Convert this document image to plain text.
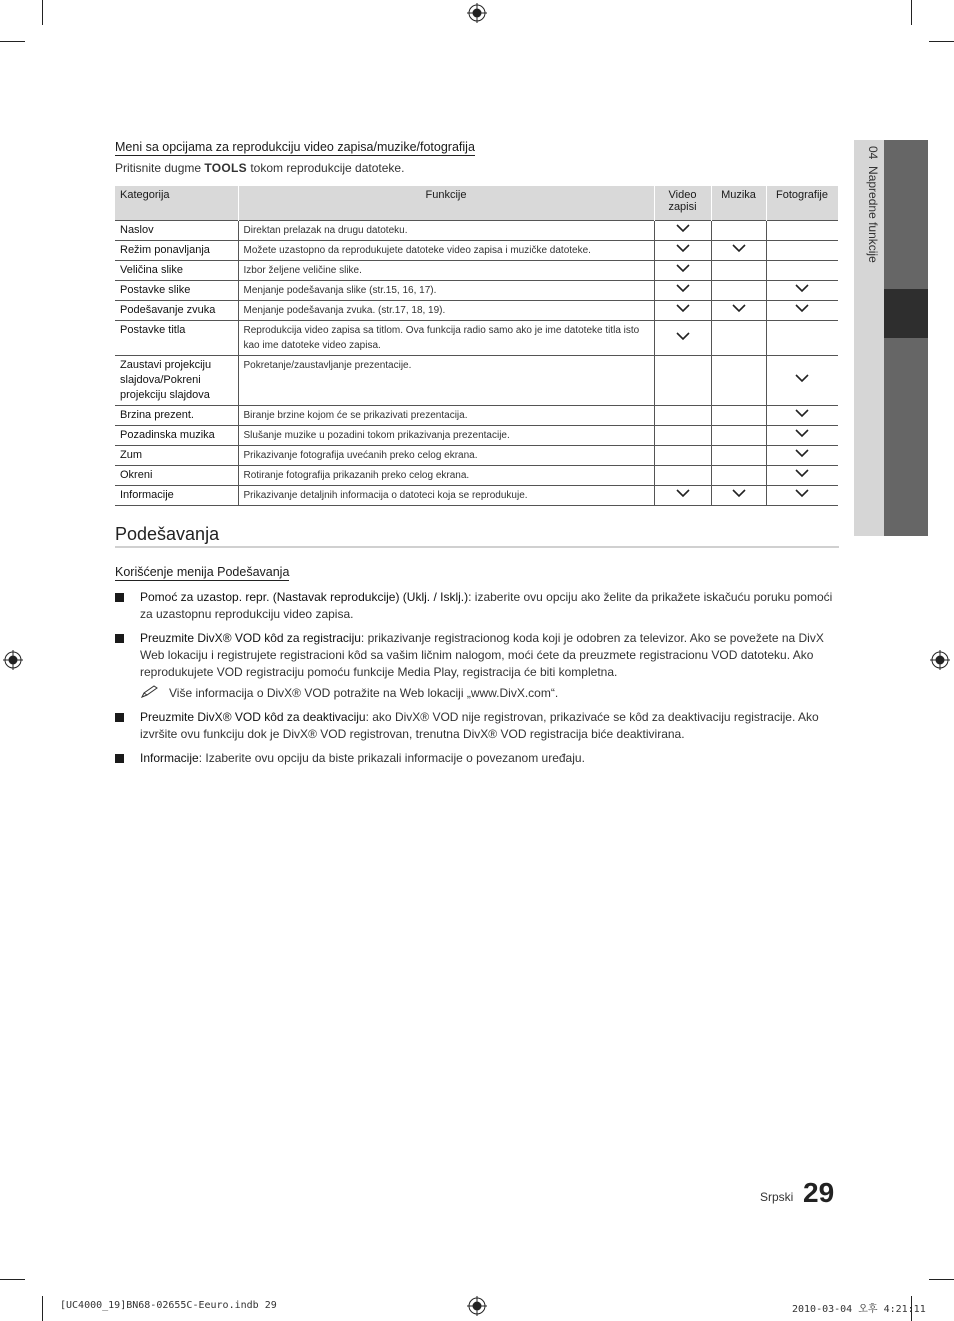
04  Napredne funkcije
Meni sa opcijama za reprodukciju video zapisa/muzike/fotografija
Pritisnite dugme TOOLS tokom reprodukcije datoteke.
Kategorija	Funkcije	Video zapisi	Muzika	Fotografije
Naslov	Direktan prelazak na drugu datoteku.			
Režim ponavljanja	Možete uzastopno da reprodukujete datoteke video zapisa i muzičke datoteke.			
Veličina slike	Izbor željene veličine slike.			
Postavke slike	Menjanje podešavanja slike (str.15, 16, 17).			
Podešavanje zvuka	Menjanje podešavanja zvuka. (str.17, 18, 19).			
Postavke titla	Reprodukcija video zapisa sa titlom. Ova funkcija radio samo ako je ime datoteke titla isto kao ime datoteke video zapisa.			
Zaustavi projekciju slajdova/Pokreni projekciju slajdova	Pokretanje/zaustavljanje prezentacije.			
Brzina prezent.	Biranje brzine kojom će se prikazivati prezentacija.			
Pozadinska muzika	Slušanje muzike u pozadini tokom prikazivanja prezentacije.			
Zum	Prikazivanje fotografija uvećanih preko celog ekrana.			
Okreni	Rotiranje fotografija prikazanih preko celog ekrana.			
Informacije	Prikazivanje detaljnih informacija o datoteci koja se reprodukuje.			
Podešavanja
Korišćenje menija Podešavanja
Pomoć za uzastop. repr. (Nastavak reprodukcije) (Uklj. / Isklj.): izaberite ovu opciju ako želite da prikažete iskačuću poruku pomoći za uzastopnu reprodukciju video zapisa.
Preuzmite DivX® VOD kôd za registraciju: prikazivanje registracionog koda koji je odobren za televizor. Ako se povežete na DivX Web lokaciju i registrujete registracioni kôd sa vašim ličnim nalogom, moći ćete da preuzmete registracionu VOD datoteku. Ako reprodukujete VOD registraciju pomoću funkcije Media Play, registracija će biti kompletna.
Više informacija o DivX® VOD potražite na Web lokaciji „www.DivX.com“.
Preuzmite DivX® VOD kôd za deaktivaciju: ako DivX® VOD nije registrovan, prikazivaće se kôd za deaktivaciju registracije. Ako izvršite ovu funkciju dok je DivX® VOD registrovan, trenutna DivX® VOD registracija biće deaktivirana.
Informacije: Izaberite ovu opciju da biste prikazali informacije o povezanom uređaju.
Srpski 29
[UC4000_19]BN68-02655C-Eeuro.indb 29	2010-03-04 오후 4:21:11
